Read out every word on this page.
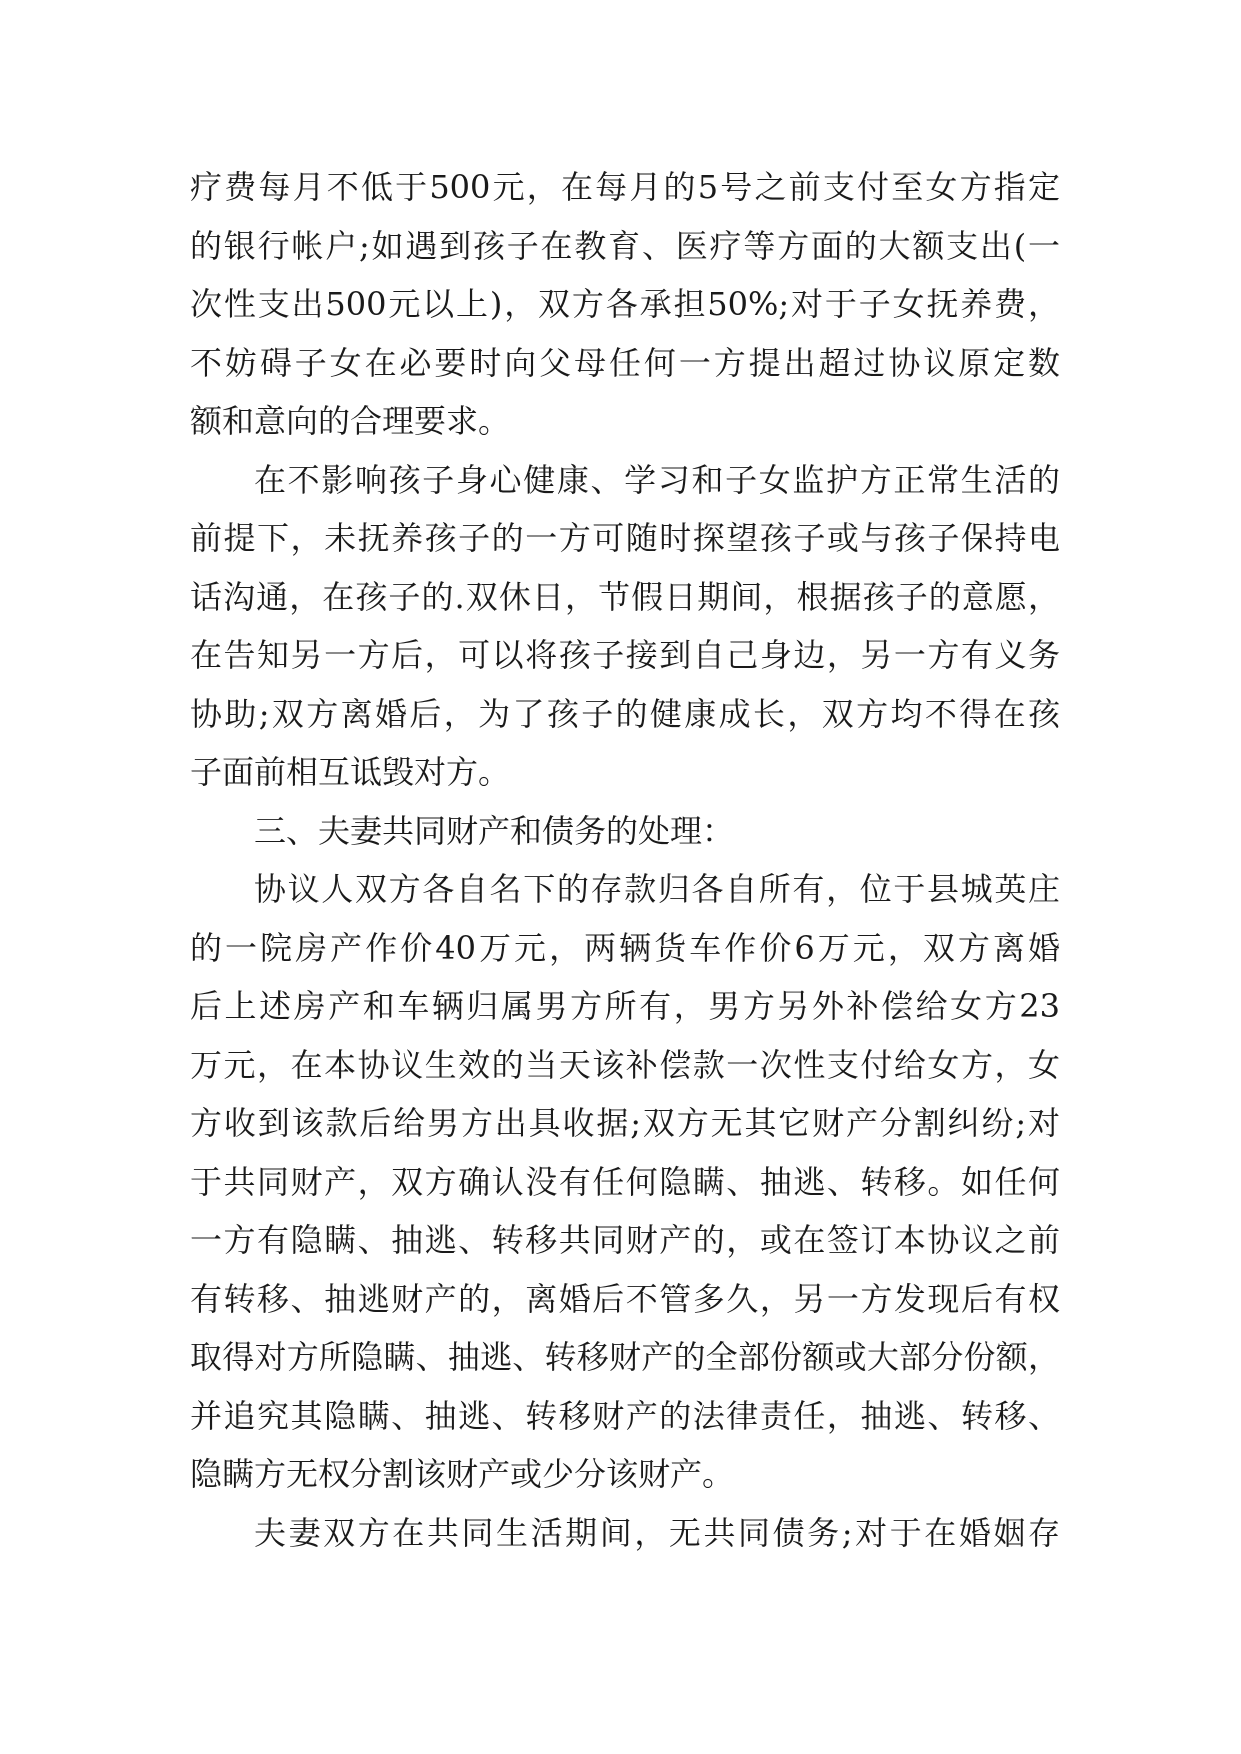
疗费每月不低于500元，在每月的5号之前支付至女方指定
的银行帐户;如遇到孩子在教育、医疗等方面的大额支出(一
次性支出500元以上)，双方各承担50%;对于子女抚养费，
不妨碍子女在必要时向父母任何一方提出超过协议原定数
额和意向的合理要求。
在不影响孩子身心健康、学习和子女监护方正常生活的
前提下，未抚养孩子的一方可随时探望孩子或与孩子保持电
话沟通，在孩子的.双休日，节假日期间，根据孩子的意愿，
在告知另一方后，可以将孩子接到自己身边，另一方有义务
协助;双方离婚后，为了孩子的健康成长，双方均不得在孩
子面前相互诋毁对方。
三、夫妻共同财产和债务的处理：
协议人双方各自名下的存款归各自所有，位于县城英庄
的一院房产作价40万元，两辆货车作价6万元，双方离婚
后上述房产和车辆归属男方所有，男方另外补偿给女方23
万元，在本协议生效的当天该补偿款一次性支付给女方，女
方收到该款后给男方出具收据;双方无其它财产分割纠纷;对
于共同财产，双方确认没有任何隐瞒、抽逃、转移。如任何
一方有隐瞒、抽逃、转移共同财产的，或在签订本协议之前
有转移、抽逃财产的，离婚后不管多久，另一方发现后有权
取得对方所隐瞒、抽逃、转移财产的全部份额或大部分份额，
并追究其隐瞒、抽逃、转移财产的法律责任，抽逃、转移、
隐瞒方无权分割该财产或少分该财产。
夫妻双方在共同生活期间，无共同债务;对于在婚姻存
